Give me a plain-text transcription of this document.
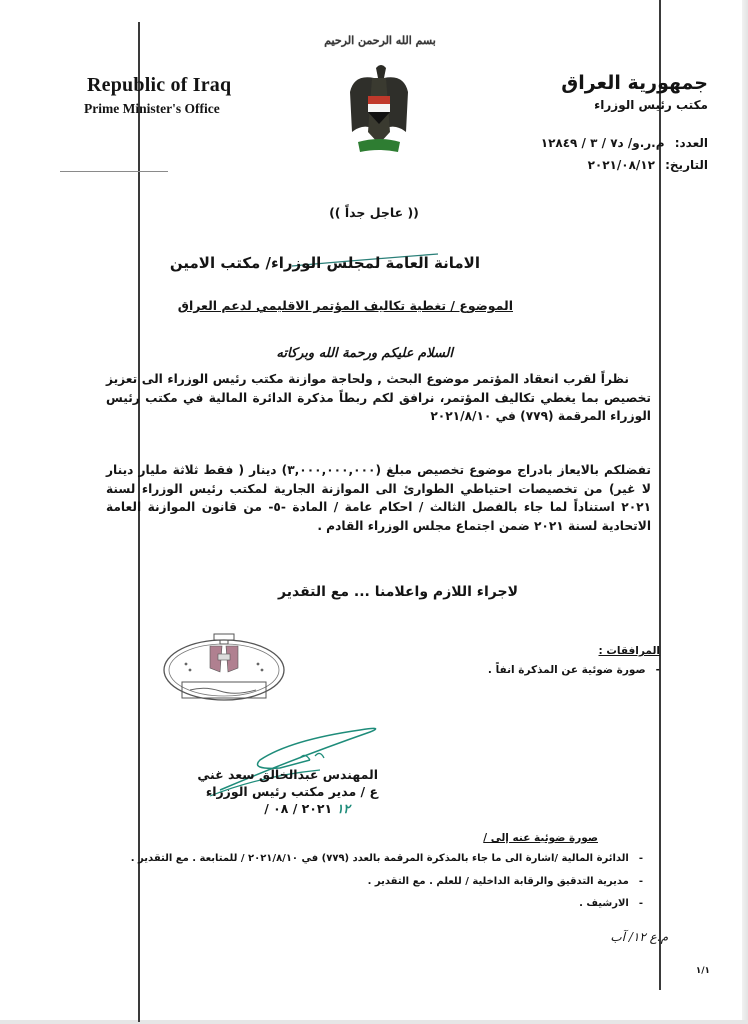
بسم الله الرحمن الرحيم
Republic of Iraq
Prime Minister's Office
جمهورية العراق
مكتب رئيس الوزراء
العدد: م.ر.و/ د٧ / ٣ / ١٢٨٤٩
التاريخ: ٢٠٢١/٠٨/١٢
(( عاجل جداً ))
الامانة العامة لمجلس الوزراء/ مكتب الامين
الموضوع / تغطية تكاليف المؤتمر الاقليمي لدعم العراق
السلام عليكم ورحمة الله وبركاته
نظراً لقرب انعقاد المؤتمر موضوع البحث , ولحاجة موازنة مكتب رئيس الوزراء الى تعزيز تخصيص بما يغطي تكاليف المؤتمر، نرافق لكم ربطاً مذكرة الدائرة المالية في مكتب رئيس الوزراء المرقمة (٧٧٩) في ٢٠٢١/٨/١٠
تفضلكم بالايعاز بادراج موضوع تخصيص مبلغ (٣,٠٠٠,٠٠٠,٠٠٠) دينار ( فقط ثلاثة مليار دينار لا غير) من تخصيصات احتياطي الطوارئ الى الموازنة الجارية لمكتب رئيس الوزراء لسنة ٢٠٢١ استناداً لما جاء بالفصل الثالث / احكام عامة / المادة -٥- من قانون الموازنة العامة الاتحادية لسنة ٢٠٢١ ضمن اجتماع مجلس الوزراء القادم .
لاجراء اللازم واعلامنا ... مع التقدير
المرافقات :
-صورة ضوئية عن المذكرة انفاً .
المهندس عبدالخالق سعد غني
ع / مدير مكتب رئيس الوزراء
١٢ ٢٠٢١ / ٠٨ /
صورة ضوئية عنه إلى /
-الدائرة المالية /اشارة الى ما جاء بالمذكرة المرقمة بالعدد (٧٧٩) في ٢٠٢١/٨/١٠ / للمتابعة . مع التقدير .
-مديرية التدقيق والرقابة الداخلية / للعلم . مع التقدير .
-الارشيف .
م.ع ١٢/ آب
١/١
